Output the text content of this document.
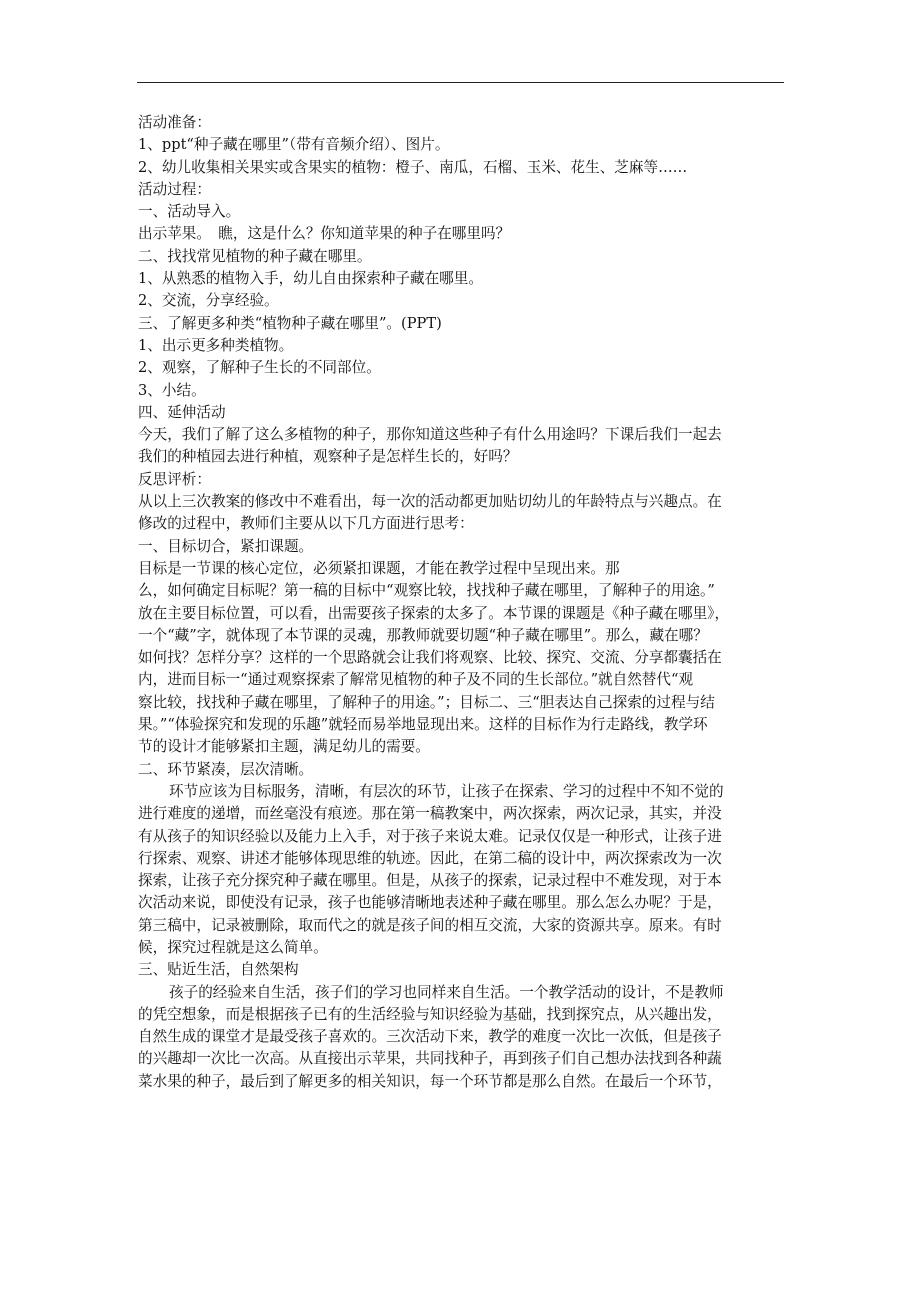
活动准备：
1、ppt“种子藏在哪里”（带有音频介绍）、图片。
2、幼儿收集相关果实或含果实的植物：橙子、南瓜，石榴、玉米、花生、芝麻等……
活动过程：
一、活动导入。
出示苹果。　瞧，这是什么？你知道苹果的种子在哪里吗？
二、找找常见植物的种子藏在哪里。
1、从熟悉的植物入手，幼儿自由探索种子藏在哪里。
2、交流，分享经验。
三、了解更多种类“植物种子藏在哪里”。(PPT)
1、出示更多种类植物。
2、观察，了解种子生长的不同部位。
3、小结。
四、延伸活动
今天，我们了解了这么多植物的种子，那你知道这些种子有什么用途吗？下课后我们一起去
我们的种植园去进行种植，观察种子是怎样生长的，好吗？
反思评析：
从以上三次教案的修改中不难看出，每一次的活动都更加贴切幼儿的年龄特点与兴趣点。在
修改的过程中，教师们主要从以下几方面进行思考：
一、目标切合，紧扣课题。
目标是一节课的核心定位，必须紧扣课题，才能在教学过程中呈现出来。那
么，如何确定目标呢？第一稿的目标中“观察比较，找找种子藏在哪里，了解种子的用途。”
放在主要目标位置，可以看，出需要孩子探索的太多了。本节课的课题是《种子藏在哪里》，
一个“藏”字，就体现了本节课的灵魂，那教师就要切题“种子藏在哪里”。那么，藏在哪？
如何找？怎样分享？这样的一个思路就会让我们将观察、比较、探究、交流、分享都囊括在
内，进而目标一“通过观察探索了解常见植物的种子及不同的生长部位。”就自然替代“观
察比较，找找种子藏在哪里，了解种子的用途。”；目标二、三“胆表达自己探索的过程与结
果。”“体验探究和发现的乐趣”就轻而易举地显现出来。这样的目标作为行走路线，教学环
节的设计才能够紧扣主题，满足幼儿的需要。
二、环节紧凑，层次清晰。
环节应该为目标服务，清晰，有层次的环节，让孩子在探索、学习的过程中不知不觉的
进行难度的递增，而丝毫没有痕迹。那在第一稿教案中，两次探索，两次记录，其实，并没
有从孩子的知识经验以及能力上入手，对于孩子来说太难。记录仅仅是一种形式，让孩子进
行探索、观察、讲述才能够体现思维的轨迹。因此，在第二稿的设计中，两次探索改为一次
探索，让孩子充分探究种子藏在哪里。但是，从孩子的探索，记录过程中不难发现，对于本
次活动来说，即使没有记录，孩子也能够清晰地表述种子藏在哪里。那么怎么办呢？于是，
第三稿中，记录被删除，取而代之的就是孩子间的相互交流，大家的资源共享。原来。有时
候，探究过程就是这么简单。
三、贴近生活，自然架构
孩子的经验来自生活，孩子们的学习也同样来自生活。一个教学活动的设计，不是教师
的凭空想象，而是根据孩子已有的生活经验与知识经验为基础，找到探究点，从兴趣出发，
自然生成的课堂才是最受孩子喜欢的。三次活动下来，教学的难度一次比一次低，但是孩子
的兴趣却一次比一次高。从直接出示苹果，共同找种子，再到孩子们自己想办法找到各种蔬
菜水果的种子，最后到了解更多的相关知识，每一个环节都是那么自然。在最后一个环节，
